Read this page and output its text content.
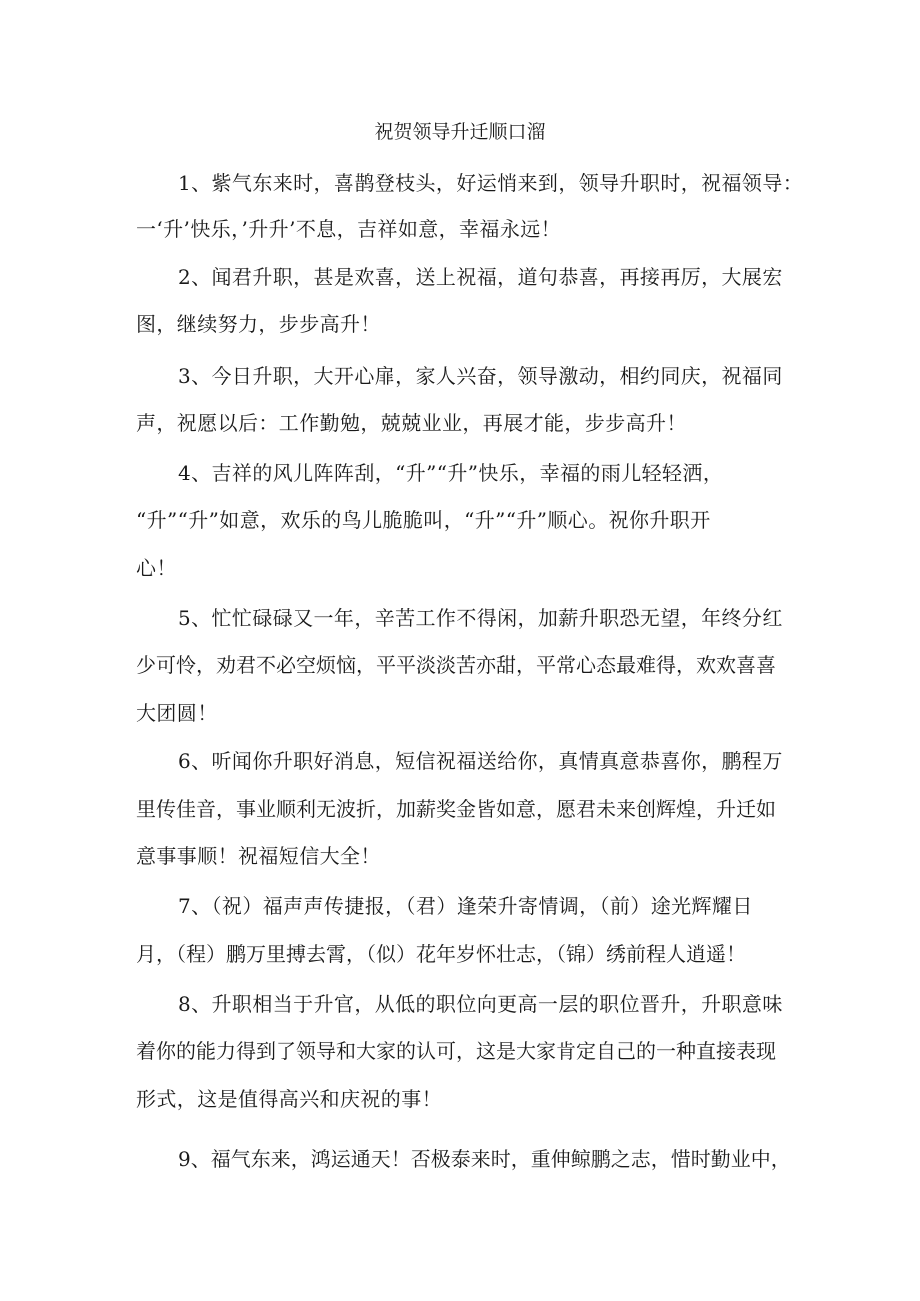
祝贺领导升迁顺口溜
1、紫气东来时，喜鹊登枝头，好运悄来到，领导升职时，祝福领导：
一‘升’快乐，’升升’不息，吉祥如意，幸福永远！
2、闻君升职，甚是欢喜，送上祝福，道句恭喜，再接再厉，大展宏
图，继续努力，步步高升！
3、今日升职，大开心扉，家人兴奋，领导激动，相约同庆，祝福同
声，祝愿以后：工作勤勉，兢兢业业，再展才能，步步高升！
4、吉祥的风儿阵阵刮，“升”“升”快乐，幸福的雨儿轻轻洒，
“升”“升”如意，欢乐的鸟儿脆脆叫，“升”“升”顺心。祝你升职开
心！
5、忙忙碌碌又一年，辛苦工作不得闲，加薪升职恐无望，年终分红
少可怜，劝君不必空烦恼，平平淡淡苦亦甜，平常心态最难得，欢欢喜喜
大团圆！
6、听闻你升职好消息，短信祝福送给你，真情真意恭喜你，鹏程万
里传佳音，事业顺利无波折，加薪奖金皆如意，愿君未来创辉煌，升迁如
意事事顺！祝福短信大全！
7、（祝）福声声传捷报，（君）逢荣升寄情调，（前）途光辉耀日
月，（程）鹏万里搏去霄，（似）花年岁怀壮志，（锦）绣前程人逍遥！
8、升职相当于升官，从低的职位向更高一层的职位晋升，升职意味
着你的能力得到了领导和大家的认可，这是大家肯定自己的一种直接表现
形式，这是值得高兴和庆祝的事！
9、福气东来，鸿运通天！否极泰来时，重伸鲸鹏之志，惜时勤业中，
